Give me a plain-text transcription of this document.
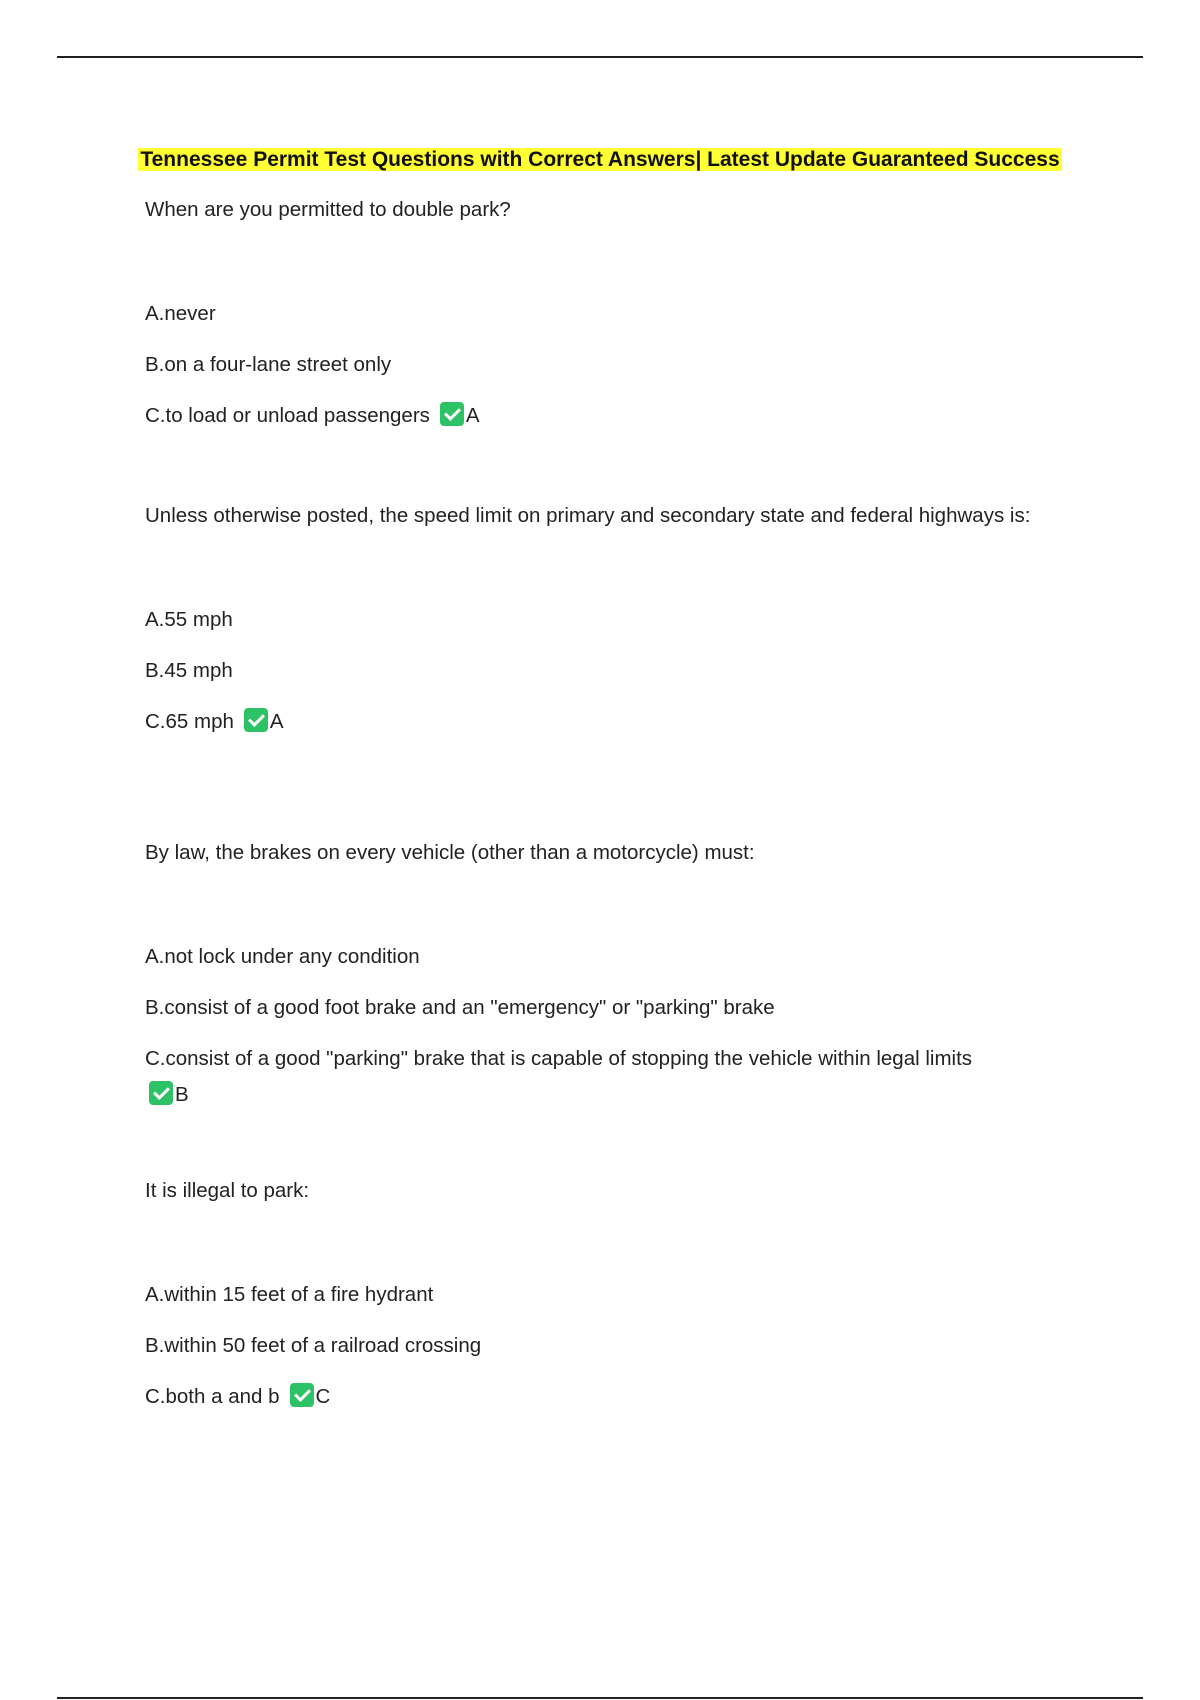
Tennessee Permit Test Questions with Correct Answers| Latest Update Guaranteed Success

When are you permitted to double park?

A.never
B.on a four-lane street only
C.to load or unload passengers A

Unless otherwise posted, the speed limit on primary and secondary state and federal highways is:

A.55 mph
B.45 mph
C.65 mph A

By law, the brakes on every vehicle (other than a motorcycle) must:

A.not lock under any condition
B.consist of a good foot brake and an "emergency" or "parking" brake
C.consist of a good "parking" brake that is capable of stopping the vehicle within legal limits
B

It is illegal to park:

A.within 15 feet of a fire hydrant
B.within 50 feet of a railroad crossing
C.both a and b C
